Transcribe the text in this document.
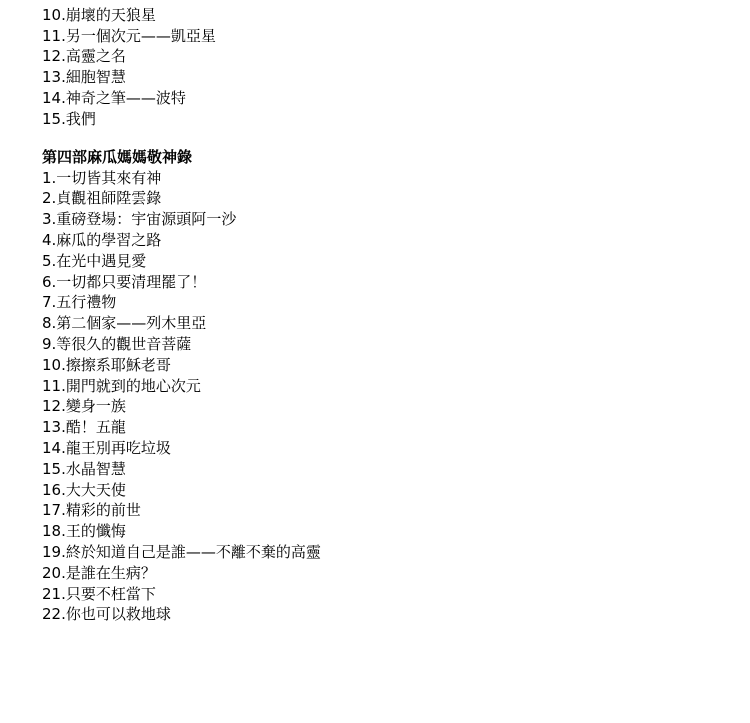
10.崩壞的天狼星
11.另一個次元——凱亞星
12.高靈之名
13.細胞智慧
14.神奇之筆——波特
15.我們
第四部麻瓜媽媽敬神錄
1.一切皆其來有神
2.貞觀祖師陞雲錄
3.重磅登場：宇宙源頭阿一沙
4.麻瓜的學習之路
5.在光中遇見愛
6.一切都只要清理罷了！
7.五行禮物
8.第二個家——列木里亞
9.等很久的觀世音菩薩
10.擦擦系耶穌老哥
11.開門就到的地心次元
12.變身一族
13.酷！五龍
14.龍王別再吃垃圾
15.水晶智慧
16.大大天使
17.精彩的前世
18.王的懺悔
19.終於知道自己是誰——不離不棄的高靈
20.是誰在生病？
21.只要不枉當下
22.你也可以救地球
